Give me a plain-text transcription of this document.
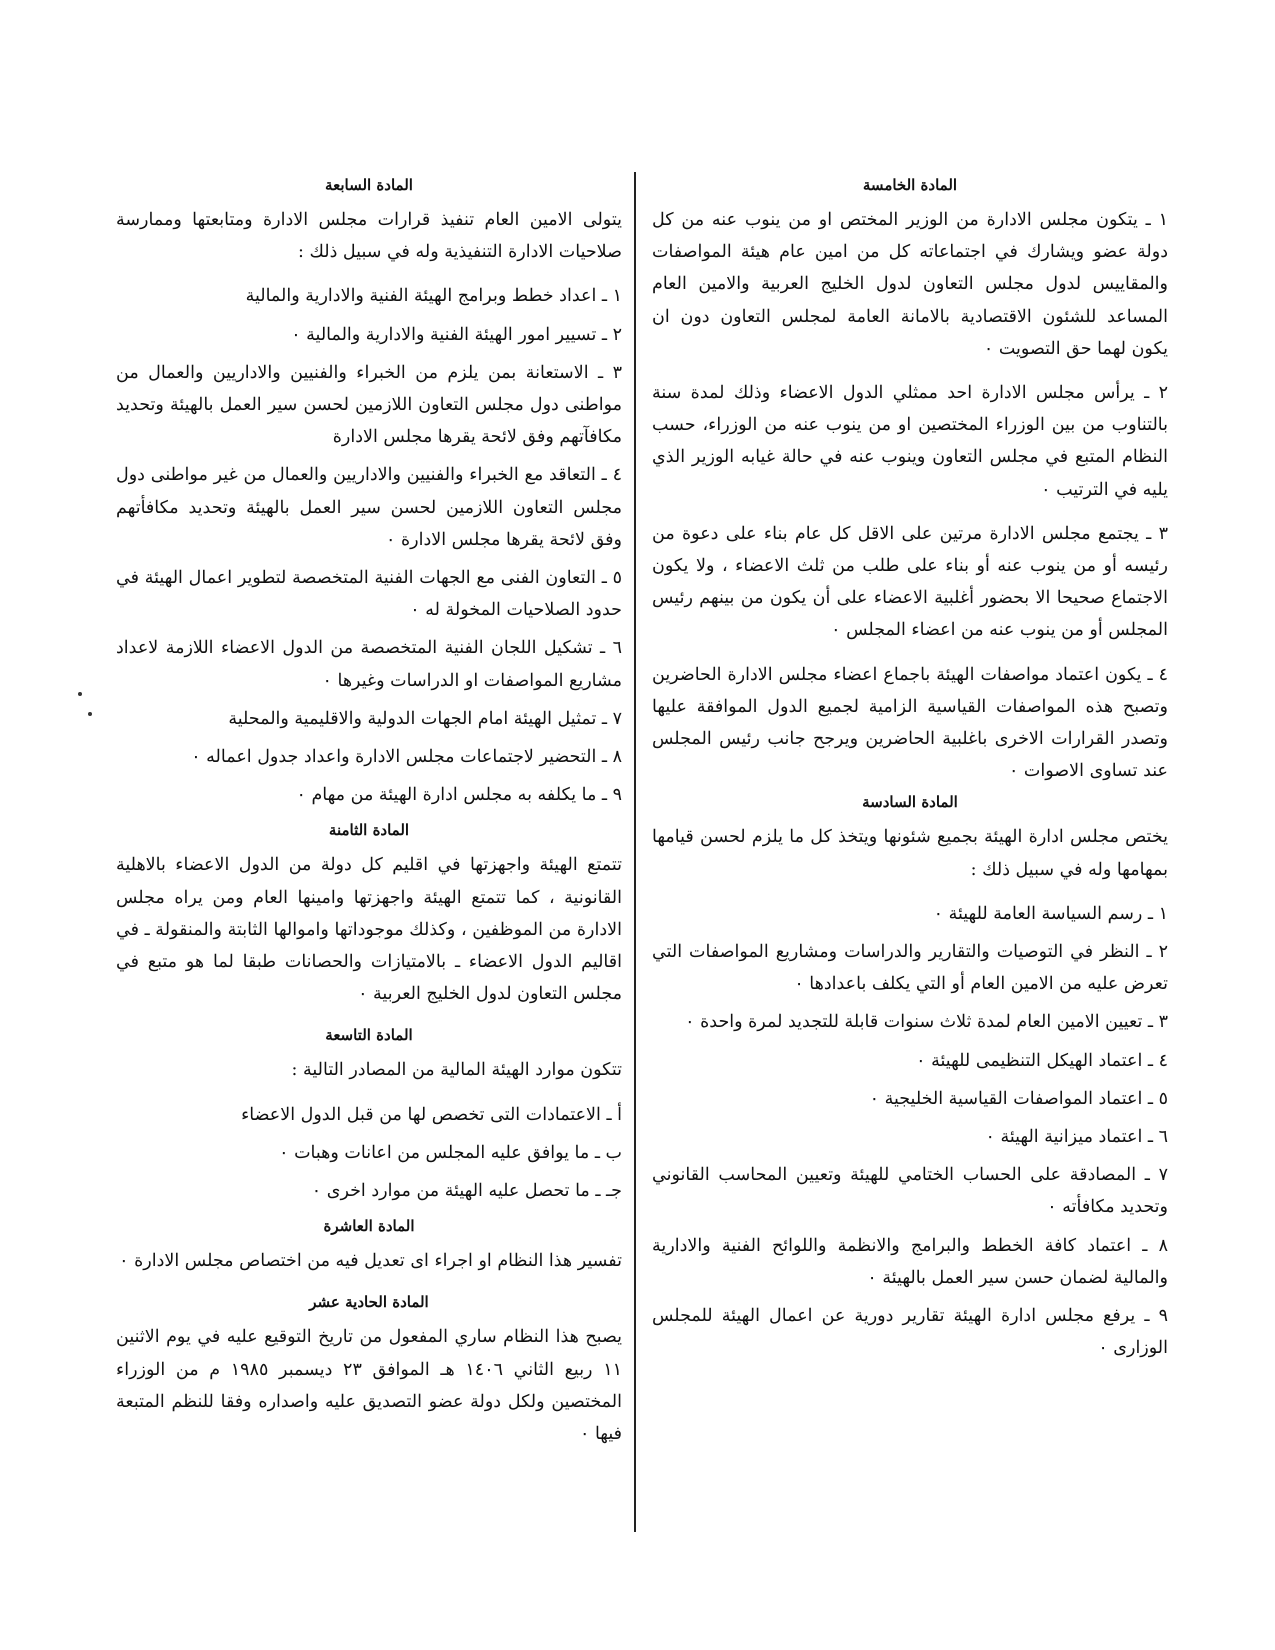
المادة الخامسة

١ ـ يتكون مجلس الادارة من الوزير المختص او من ينوب عنه من كل دولة عضو ويشارك في اجتماعاته كل من امين عام هيئة المواصفات والمقاييس لدول مجلس التعاون لدول الخليج العربية والامين العام المساعد للشئون الاقتصادية بالامانة العامة لمجلس التعاون دون ان يكون لهما حق التصويت ٠

٢ ـ يرأس مجلس الادارة احد ممثلي الدول الاعضاء وذلك لمدة سنة بالتناوب من بين الوزراء المختصين او من ينوب عنه من الوزراء، حسب النظام المتبع في مجلس التعاون وينوب عنه في حالة غيابه الوزير الذي يليه في الترتيب ٠

٣ ـ يجتمع مجلس الادارة مرتين على الاقل كل عام بناء على دعوة من رئيسه أو من ينوب عنه أو بناء على طلب من ثلث الاعضاء ، ولا يكون الاجتماع صحيحا الا بحضور أغلبية الاعضاء على أن يكون من بينهم رئيس المجلس أو من ينوب عنه من اعضاء المجلس ٠

٤ ـ يكون اعتماد مواصفات الهيئة باجماع اعضاء مجلس الادارة الحاضرين وتصبح هذه المواصفات القياسية الزامية لجميع الدول الموافقة عليها وتصدر القرارات الاخرى باغلبية الحاضرين ويرجح جانب رئيس المجلس عند تساوى الاصوات ٠

المادة السادسة

يختص مجلس ادارة الهيئة بجميع شئونها ويتخذ كل ما يلزم لحسن قيامها بمهامها وله في سبيل ذلك :

١ ـ رسم السياسة العامة للهيئة ٠

٢ ـ النظر في التوصيات والتقارير والدراسات ومشاريع المواصفات التي تعرض عليه من الامين العام أو التي يكلف باعدادها ٠

٣ ـ تعيين الامين العام لمدة ثلاث سنوات قابلة للتجديد لمرة واحدة ٠

٤ ـ اعتماد الهيكل التنظيمى للهيئة ٠

٥ ـ اعتماد المواصفات القياسية الخليجية ٠

٦ ـ اعتماد ميزانية الهيئة ٠

٧ ـ المصادقة على الحساب الختامي للهيئة وتعيين المحاسب القانوني وتحديد مكافأته ٠

٨ ـ اعتماد كافة الخطط والبرامج والانظمة واللوائح الفنية والادارية والمالية لضمان حسن سير العمل بالهيئة ٠

٩ ـ يرفع مجلس ادارة الهيئة تقارير دورية عن اعمال الهيئة للمجلس الوزارى ٠

المادة السابعة

يتولى الامين العام تنفيذ قرارات مجلس الادارة ومتابعتها وممارسة صلاحيات الادارة التنفيذية وله في سبيل ذلك :

١ ـ اعداد خطط وبرامج الهيئة الفنية والادارية والمالية

٢ ـ تسيير امور الهيئة الفنية والادارية والمالية ٠

٣ ـ الاستعانة بمن يلزم من الخبراء والفنيين والاداريين والعمال من مواطنى دول مجلس التعاون اللازمين لحسن سير العمل بالهيئة وتحديد مكافآتهم وفق لائحة يقرها مجلس الادارة

٤ ـ التعاقد مع الخبراء والفنيين والاداريين والعمال من غير مواطنى دول مجلس التعاون اللازمين لحسن سير العمل بالهيئة وتحديد مكافأتهم وفق لائحة يقرها مجلس الادارة ٠

٥ ـ التعاون الفنى مع الجهات الفنية المتخصصة لتطوير اعمال الهيئة في حدود الصلاحيات المخولة له ٠

٦ ـ تشكيل اللجان الفنية المتخصصة من الدول الاعضاء اللازمة لاعداد مشاريع المواصفات او الدراسات وغيرها ٠

٧ ـ تمثيل الهيئة امام الجهات الدولية والاقليمية والمحلية

٨ ـ التحضير لاجتماعات مجلس الادارة واعداد جدول اعماله ٠

٩ ـ ما يكلفه به مجلس ادارة الهيئة من مهام ٠

المادة الثامنة

تتمتع الهيئة واجهزتها في اقليم كل دولة من الدول الاعضاء بالاهلية القانونية ، كما تتمتع الهيئة واجهزتها وامينها العام ومن يراه مجلس الادارة من الموظفين ، وكذلك موجوداتها واموالها الثابتة والمنقولة ـ في اقاليم الدول الاعضاء ـ بالامتيازات والحصانات طبقا لما هو متبع في مجلس التعاون لدول الخليج العربية ٠

المادة التاسعة

تتكون موارد الهيئة المالية من المصادر التالية :

أ ـ الاعتمادات التى تخصص لها من قبل الدول الاعضاء

ب ـ ما يوافق عليه المجلس من اعانات وهبات ٠

جـ ـ ما تحصل عليه الهيئة من موارد اخرى ٠

المادة العاشرة

تفسير هذا النظام او اجراء اى تعديل فيه من اختصاص مجلس الادارة ٠

المادة الحادية عشر

يصبح هذا النظام ساري المفعول من تاريخ التوقيع عليه في يوم الاثنين ١١ ربيع الثاني ١٤٠٦ هـ الموافق ٢٣ ديسمبر ١٩٨٥ م من الوزراء المختصين ولكل دولة عضو التصديق عليه واصداره وفقا للنظم المتبعة فيها ٠
